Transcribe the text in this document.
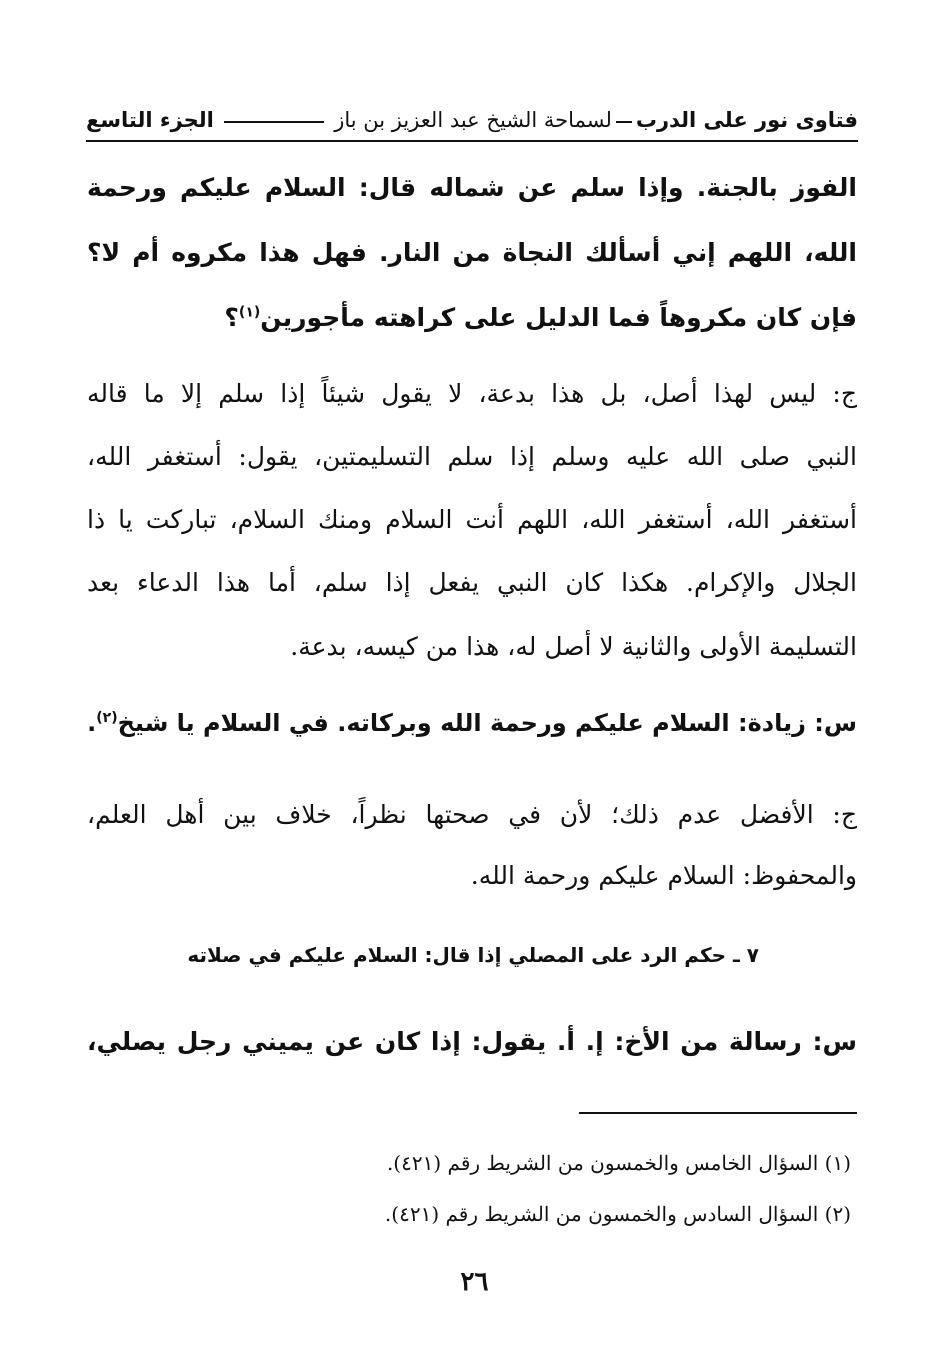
فتاوى نور على الدرب
لسماحة الشيخ عبد العزيز بن باز
الجزء التاسع
الفوز بالجنة. وإذا سلم عن شماله قال: السلام عليكم ورحمة
الله، اللهم إني أسألك النجاة من النار. فهل هذا مكروه أم لا؟
فإن كان مكروهاً فما الدليل على كراهته مأجورين$^{(١)}$؟
ج: ليس لهذا أصل، بل هذا بدعة، لا يقول شيئاً إذا سلم إلا ما قاله
النبي صلى الله عليه وسلم إذا سلم التسليمتين، يقول: أستغفر الله،
أستغفر الله، أستغفر الله، اللهم أنت السلام ومنك السلام، تباركت يا ذا
الجلال والإكرام. هكذا كان النبي يفعل إذا سلم، أما هذا الدعاء بعد
التسليمة الأولى والثانية لا أصل له، هذا من كيسه، بدعة.
س: زيادة: السلام عليكم ورحمة الله وبركاته. في السلام يا شيخ$^{(٢)}$.
ج: الأفضل عدم ذلك؛ لأن في صحتها نظراً، خلاف بين أهل العلم،
والمحفوظ: السلام عليكم ورحمة الله.
٧ ـ حكم الرد على المصلي إذا قال: السلام عليكم في صلاته
س: رسالة من الأخ: إ. أ. يقول: إذا كان عن يميني رجل يصلي،
(١) السؤال الخامس والخمسون من الشريط رقم (٤٢١).
(٢) السؤال السادس والخمسون من الشريط رقم (٤٢١).
٢٦
